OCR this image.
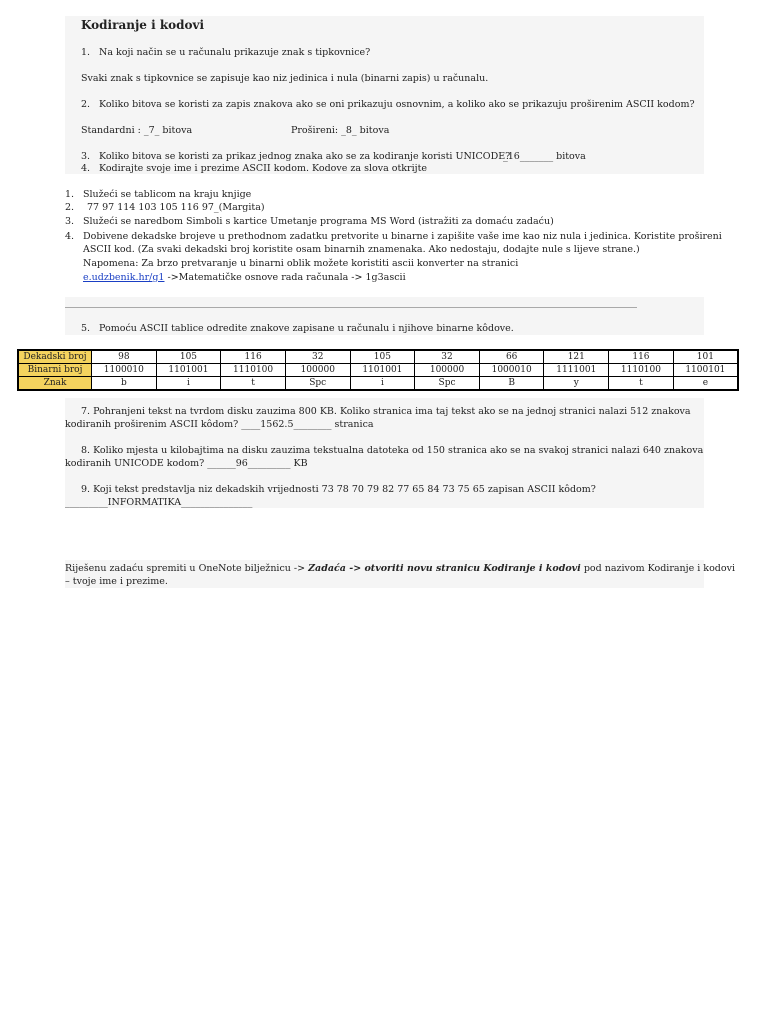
Kodiranje i kodovi
1. Na koji način se u računalu prikazuje znak s tipkovnice?
Svaki znak s tipkovnice se zapisuje kao niz jedinica i nula (binarni zapis) u računalu.
2. Koliko bitova se koristi za zapis znakova ako se oni prikazuju osnovnim, a koliko ako se prikazuju proširenim ASCII kodom?
Standardni : _7_ bitova	Prošireni: _8_ bitova
3. Koliko bitova se koristi za prikaz jednog znaka ako se za kodiranje koristi UNICODE?
_16_______ bitova
4. Kodirajte svoje ime i prezime ASCII kodom. Kodove za slova otkrijte
1. Služeći se tablicom na kraju knjige
2. 77 97 114 103 105 116 97_(Margita)
3. Služeći se naredbom Simboli s kartice Umetanje programa MS Word (istražiti za domaću zadaću)
4. Dobivene dekadske brojeve u prethodnom zadatku pretvorite u binarne i zapišite vaše ime kao niz nula i jedinica. Koristite prošireni
ASCII kod. (Za svaki dekadski broj koristite osam binarnih znamenaka. Ako nedostaju, dodajte nule s lijeve strane.)
Napomena: Za brzo pretvaranje u binarni oblik možete koristiti ascii konverter na stranici
e.udzbenik.hr/g1 ->Matematičke osnove rada računala -> 1g3ascii
5. Pomoću ASCII tablice odredite znakove zapisane u računalu i njihove binarne kôdove.
Dekadski broj	98	105	116	32	105	32	66	121	116	101
Binarni broj	1100010	1101001	1110100	100000	1101001	100000	1000010	1111001	1110100	1100101
Znak	b	i	t	Spc	i	Spc	B	y	t	e
7. Pohranjeni tekst na tvrdom disku zauzima 800 KB. Koliko stranica ima taj tekst ako se na jednoj stranici nalazi 512 znakova
kodiranih proširenim ASCII kôdom? ____1562.5________ stranica
8. Koliko mjesta u kilobajtima na disku zauzima tekstualna datoteka od 150 stranica ako se na svakoj stranici nalazi 640 znakova
kodiranih UNICODE kodom? ______96_________ KB
9. Koji tekst predstavlja niz dekadskih vrijednosti 73 78 70 79 82 77 65 84 73 75 65 zapisan ASCII kôdom?
_________INFORMATIKA_______________
Riješenu zadaću spremiti u OneNote bilježnicu -> Zadaća -> otvoriti novu stranicu Kodiranje i kodovi pod nazivom Kodiranje i kodovi
– tvoje ime i prezime.
